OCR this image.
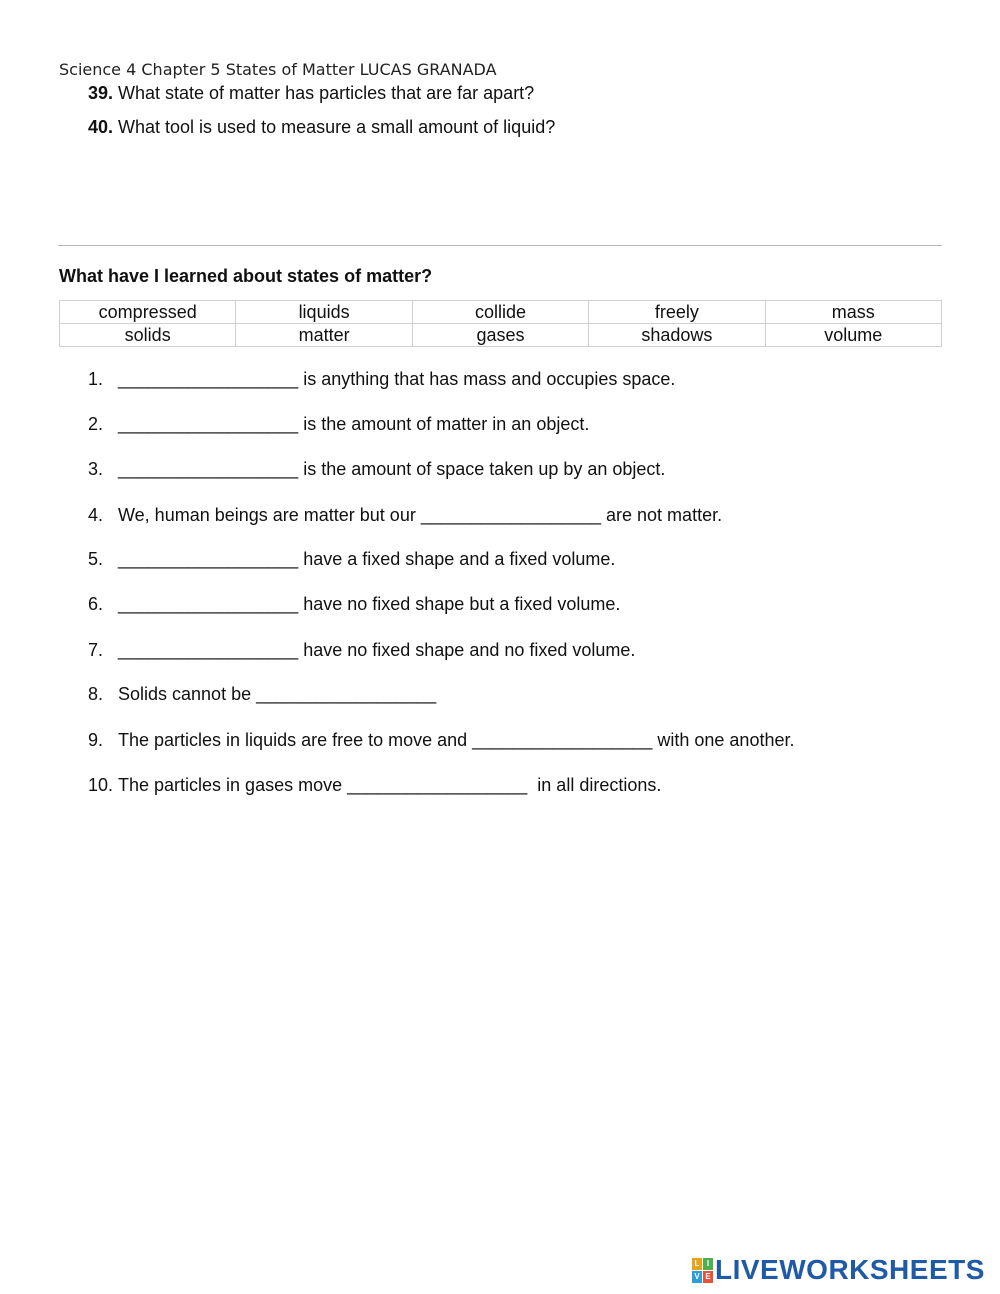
Science 4 Chapter 5 States of Matter LUCAS GRANADA
39. What state of matter has particles that are far apart?
40. What tool is used to measure a small amount of liquid?
What have I learned about states of matter?
compressed	liquids	collide	freely	mass
solids	matter	gases	shadows	volume
1. __________________ is anything that has mass and occupies space.
2. __________________ is the amount of matter in an object.
3. __________________ is the amount of space taken up by an object.
4. We, human beings are matter but our __________________ are not matter.
5. __________________ have a fixed shape and a fixed volume.
6. __________________ have no fixed shape but a fixed volume.
7. __________________ have no fixed shape and no fixed volume.
8. Solids cannot be __________________
9. The particles in liquids are free to move and __________________ with one another.
10. The particles in gases move __________________  in all directions.
L I
V E LIVEWORKSHEETS
